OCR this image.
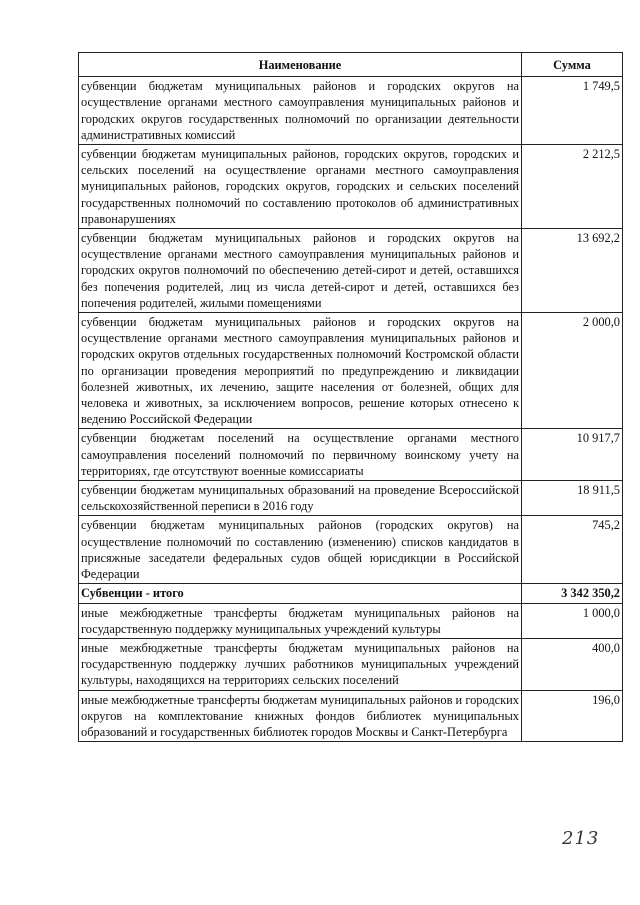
Наименование	Сумма
субвенции бюджетам муниципальных районов и городских округов на осуществление органами местного самоуправления муниципальных районов и городских округов государственных полномочий по организации деятельности административных комиссий	1 749,5
субвенции бюджетам муниципальных районов, городских округов, городских и сельских поселений на осуществление органами местного самоуправления муниципальных районов, городских округов, городских и сельских поселений государственных полномочий по составлению протоколов об административных правонарушениях	2 212,5
субвенции бюджетам муниципальных районов и городских округов на осуществление органами местного самоуправления муниципальных районов и городских округов полномочий по обеспечению детей-сирот и детей, оставшихся без попечения родителей, лиц из числа детей-сирот и детей, оставшихся без попечения родителей, жилыми помещениями	13 692,2
субвенции бюджетам муниципальных районов и городских округов на осуществление органами местного самоуправления муниципальных районов и городских округов отдельных государственных полномочий Костромской области по организации проведения мероприятий по предупреждению и ликвидации болезней животных, их лечению, защите населения от болезней, общих для человека и животных, за исключением вопросов, решение которых отнесено к ведению Российской Федерации	2 000,0
субвенции бюджетам поселений на осуществление органами местного самоуправления поселений полномочий по первичному воинскому учету на территориях, где отсутствуют военные комиссариаты	10 917,7
субвенции бюджетам муниципальных образований на проведение Всероссийской сельскохозяйственной переписи в 2016 году	18 911,5
субвенции бюджетам муниципальных районов (городских округов) на осуществление полномочий по составлению (изменению) списков кандидатов в присяжные заседатели федеральных судов общей юрисдикции в Российской Федерации	745,2
Субвенции - итого	3 342 350,2
иные межбюджетные трансферты бюджетам муниципальных районов на государственную поддержку муниципальных учреждений культуры	1 000,0
иные межбюджетные трансферты бюджетам муниципальных районов на государственную поддержку лучших работников муниципальных учреждений культуры, находящихся на территориях сельских поселений	400,0
иные межбюджетные трансферты бюджетам муниципальных районов и городских округов на комплектование книжных фондов библиотек муниципальных образований и государственных библиотек городов Москвы и Санкт-Петербурга	196,0
213
